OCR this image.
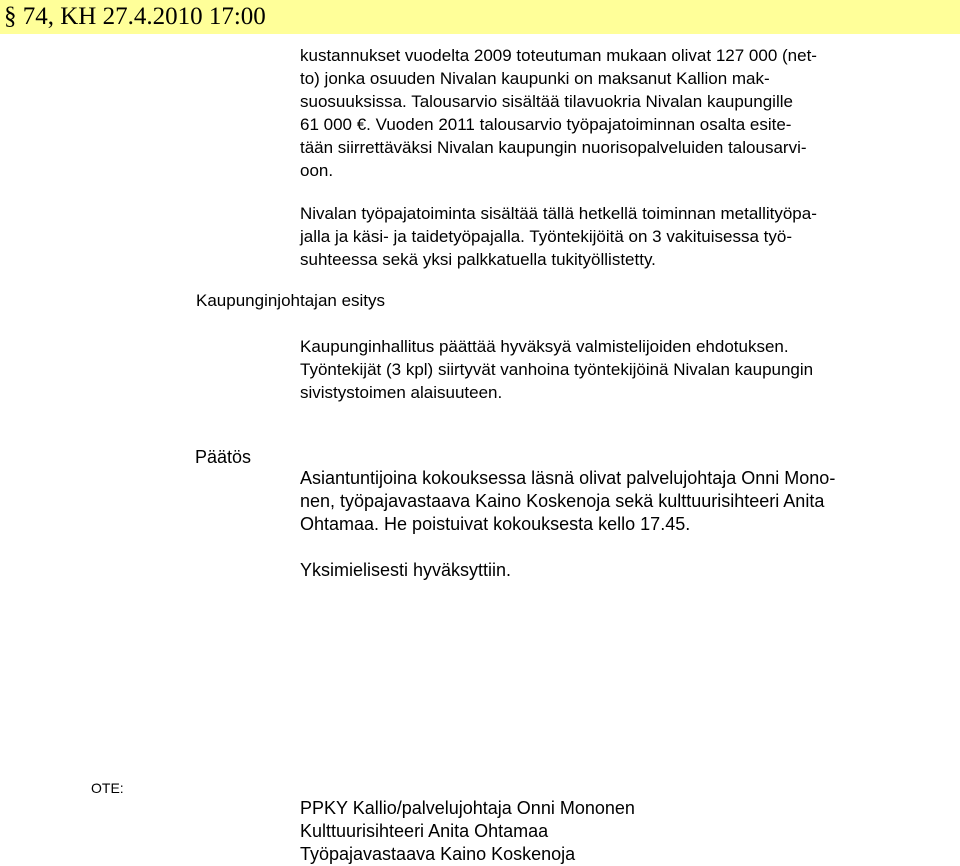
§ 74, KH 27.4.2010 17:00
kustannukset vuodelta 2009 toteutuman mukaan olivat 127 000 (net-
to) jonka osuuden Nivalan kaupunki on maksanut Kallion mak-
suosuuksissa. Talousarvio sisältää tilavuokria Nivalan kaupungille
61 000 €. Vuoden 2011 talousarvio työpajatoiminnan osalta esite-
tään siirrettäväksi Nivalan kaupungin nuorisopalveluiden talousarvi-
oon.
Nivalan työpajatoiminta sisältää tällä hetkellä toiminnan metallityöpa-
jalla ja käsi- ja taidetyöpajalla. Työntekijöitä on 3 vakituisessa työ-
suhteessa sekä yksi palkkatuella tukityöllistetty.
Kaupunginjohtajan esitys
Kaupunginhallitus päättää hyväksyä valmistelijoiden ehdotuksen.
Työntekijät (3 kpl) siirtyvät vanhoina työntekijöinä Nivalan kaupungin
sivistystoimen alaisuuteen.
Päätös
Asiantuntijoina kokouksessa läsnä olivat palvelujohtaja Onni Mono-
nen, työpajavastaava Kaino Koskenoja sekä kulttuurisihteeri Anita
Ohtamaa. He poistuivat kokouksesta kello 17.45.
Yksimielisesti hyväksyttiin.
OTE:
PPKY Kallio/palvelujohtaja Onni Mononen
Kulttuurisihteeri Anita Ohtamaa
Työpajavastaava Kaino Koskenoja
